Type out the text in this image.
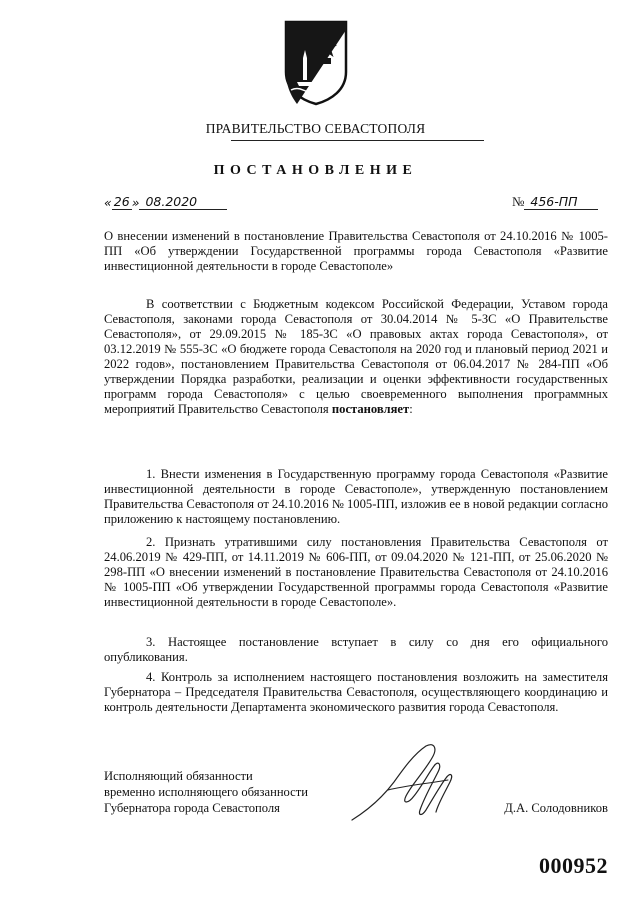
ПРАВИТЕЛЬСТВО СЕВАСТОПОЛЯ
ПОСТАНОВЛЕНИЕ
« 26 » 08.2020	№ 456-ПП
О внесении изменений в постановление Правительства Севастополя от 24.10.2016 № 1005-ПП «Об утверждении Государственной программы города Севастополя «Развитие инвестиционной деятельности в городе Севастополе»
В соответствии с Бюджетным кодексом Российской Федерации, Уставом города Севастополя, законами города Севастополя от 30.04.2014 № 5-ЗС «О Правительстве Севастополя», от 29.09.2015 № 185-ЗС «О правовых актах города Севастополя», от 03.12.2019 № 555-ЗС «О бюджете города Севастополя на 2020 год и плановый период 2021 и 2022 годов», постановлением Правительства Севастополя от 06.04.2017 № 284-ПП «Об утверждении Порядка разработки, реализации и оценки эффективности государственных программ города Севастополя» с целью своевременного выполнения программных мероприятий Правительство Севастополя постановляет:
1. Внести изменения в Государственную программу города Севастополя «Развитие инвестиционной деятельности в городе Севастополе», утвержденную постановлением Правительства Севастополя от 24.10.2016 № 1005-ПП, изложив ее в новой редакции согласно приложению к настоящему постановлению.
2. Признать утратившими силу постановления Правительства Севастополя от 24.06.2019 № 429-ПП, от 14.11.2019 № 606-ПП, от 09.04.2020 № 121-ПП, от 25.06.2020 № 298-ПП «О внесении изменений в постановление Правительства Севастополя от 24.10.2016 № 1005-ПП «Об утверждении Государственной программы города Севастополя «Развитие инвестиционной деятельности в городе Севастополе».
3. Настоящее постановление вступает в силу со дня его официального опубликования.
4. Контроль за исполнением настоящего постановления возложить на заместителя Губернатора – Председателя Правительства Севастополя, осуществляющего координацию и контроль деятельности Департамента экономического развития города Севастополя.
Исполняющий обязанности
временно исполняющего обязанности
Губернатора города Севастополя	Д.А. Солодовников
000952
